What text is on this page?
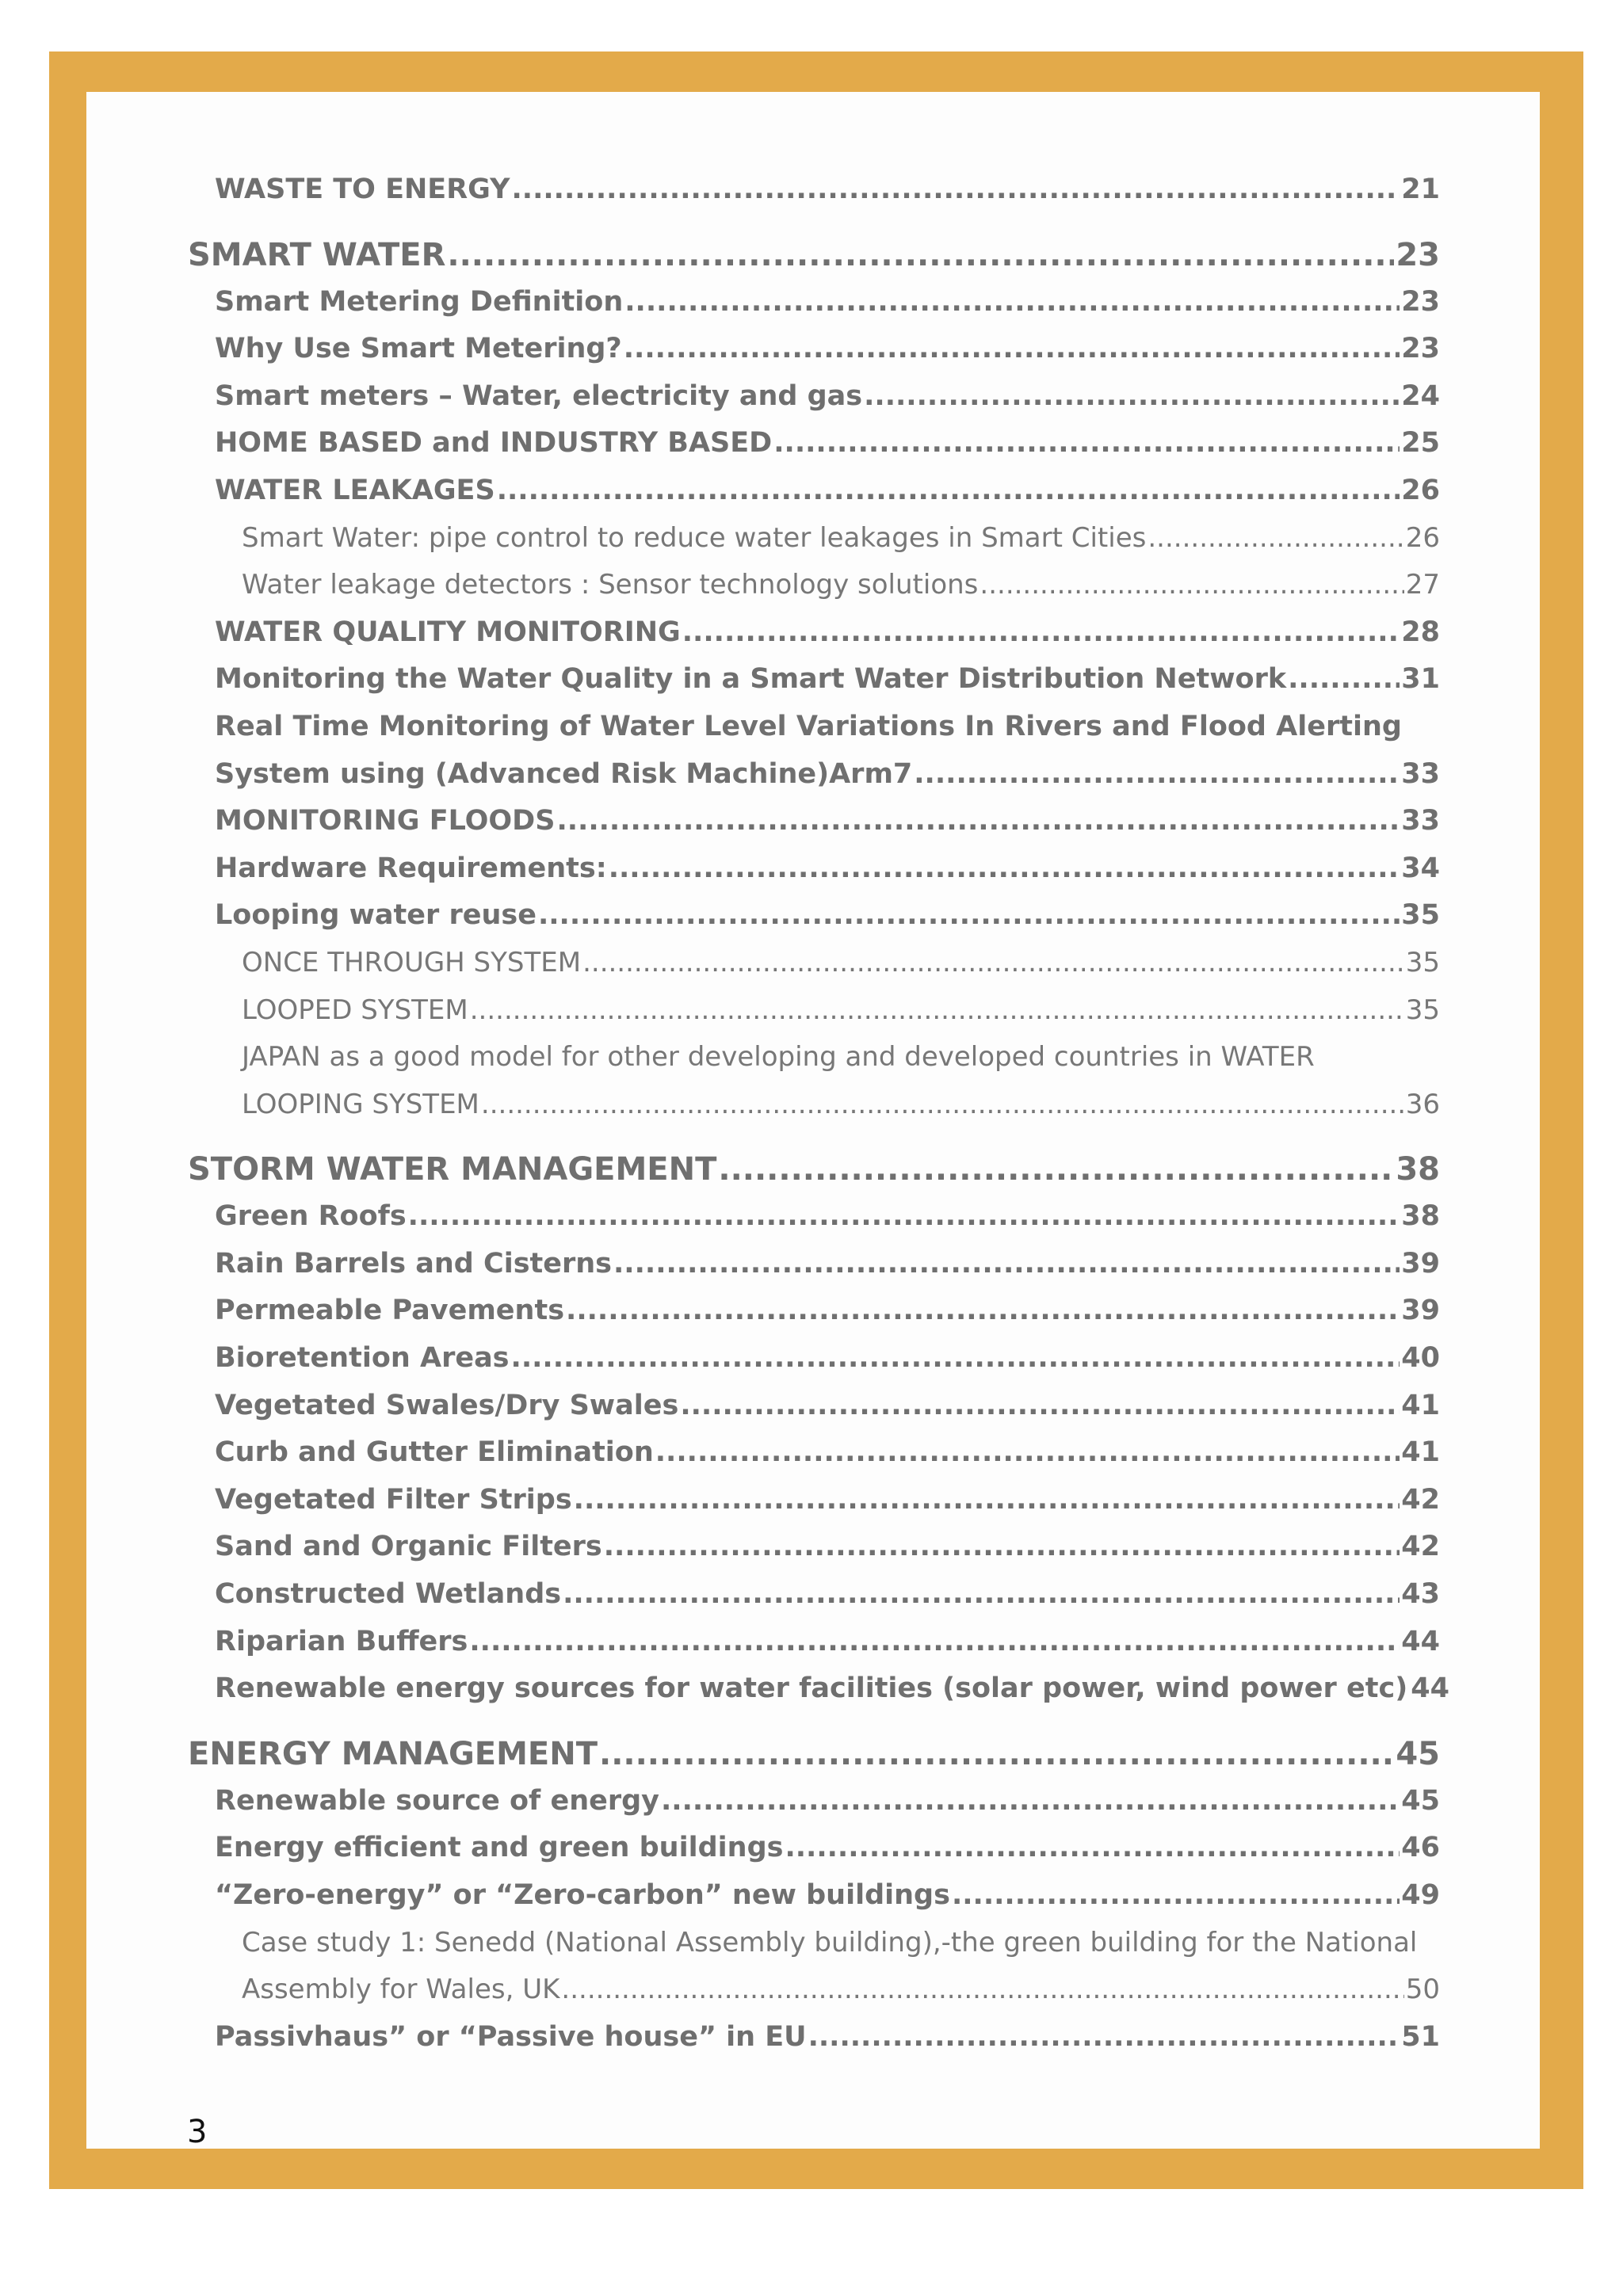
WASTE TO ENERGY .....	21
SMART WATER .....	23
Smart Metering Definition .....	23
Why Use Smart Metering? .....	23
Smart meters – Water, electricity and gas .....	24
HOME BASED and INDUSTRY BASED .....	25
WATER LEAKAGES .....	26
Smart Water: pipe control to reduce water leakages in Smart Cities .....	26
Water leakage detectors : Sensor technology solutions .....	27
WATER QUALITY MONITORING .....	28
Monitoring the Water Quality in a Smart Water Distribution Network .....	31
Real Time Monitoring of Water Level Variations In Rivers and Flood Alerting
System using (Advanced Risk Machine)Arm7 .....	33
MONITORING FLOODS .....	33
Hardware Requirements: .....	34
Looping water reuse .....	35
ONCE THROUGH SYSTEM .....	35
LOOPED SYSTEM .....	35
JAPAN as a good model for other developing and developed countries in WATER
LOOPING SYSTEM .....	36
STORM WATER MANAGEMENT .....	38
Green Roofs .....	38
Rain Barrels and Cisterns .....	39
Permeable Pavements .....	39
Bioretention Areas .....	40
Vegetated Swales/Dry Swales .....	41
Curb and Gutter Elimination .....	41
Vegetated Filter Strips .....	42
Sand and Organic Filters .....	42
Constructed Wetlands .....	43
Riparian Buffers .....	44
Renewable energy sources for water facilities (solar power, wind power etc) 44
ENERGY MANAGEMENT .....	45
Renewable source of energy .....	45
Energy efficient and green buildings .....	46
“Zero-energy” or “Zero-carbon” new buildings .....	49
Case study 1: Senedd (National Assembly building),-the green building for the National
Assembly for Wales, UK .....	50
Passivhaus” or “Passive house” in EU .....	51
3
